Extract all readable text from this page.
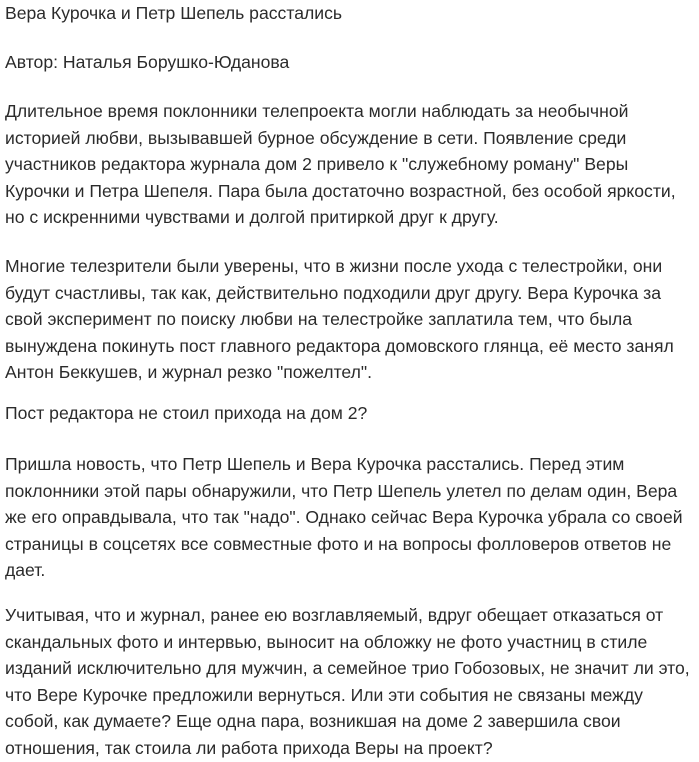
Вера Курочка и Петр Шепель расстались

Автор: Наталья Борушко-Юданова

Длительное время поклонники телепроекта могли наблюдать за необычной историей любви, вызывавшей бурное обсуждение в сети. Появление среди участников редактора журнала дом 2 привело к "служебному роману" Веры Курочки и Петра Шепеля. Пара была достаточно возрастной, без особой яркости, но с искренними чувствами и долгой притиркой друг к другу.

Многие телезрители были уверены, что в жизни после ухода с телестройки, они будут счастливы, так как, действительно подходили друг другу. Вера Курочка за свой эксперимент по поиску любви на телестройке заплатила тем, что была вынуждена покинуть пост главного редактора домовского глянца, её место занял Антон Беккушев, и журнал резко "пожелтел".

Пост редактора не стоил прихода на дом 2?

Пришла новость, что Петр Шепель и Вера Курочка расстались. Перед этим поклонники этой пары обнаружили, что Петр Шепель улетел по делам один, Вера же его оправдывала, что так "надо". Однако сейчас Вера Курочка убрала со своей страницы в соцсетях все совместные фото и на вопросы фолловеров ответов не дает.

Учитывая, что и журнал, ранее ею возглавляемый, вдруг обещает отказаться от скандальных фото и интервью, выносит на обложку не фото участниц в стиле изданий исключительно для мужчин, а семейное трио Гобозовых, не значит ли это, что Вере Курочке предложили вернуться. Или эти события не связаны между собой, как думаете? Еще одна пара, возникшая на доме 2 завершила свои отношения, так стоила ли работа прихода Веры на проект?
